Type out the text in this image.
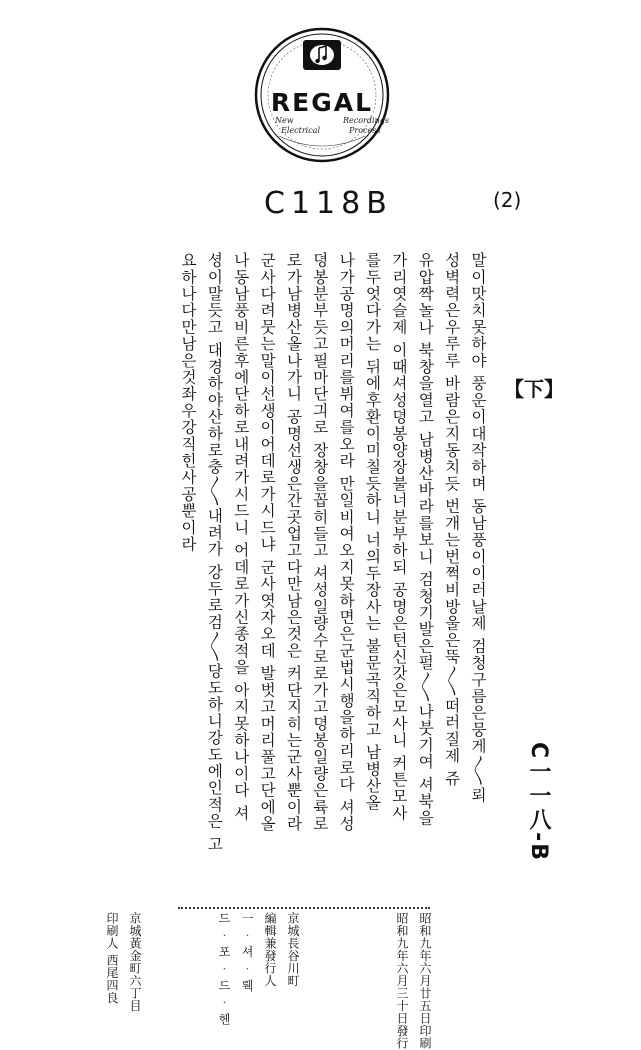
REGAL
New
Electrical
Recordings
Process
C118B	(2)
【下】
C一一八-B
말이맛치못하야 풍운이대작하며 동남풍이이러날제 검청구름은뭉게〳〵뢰
성벽력은우루루 바람은지동치듯 번개는번쩍비방울은뚝〳〵떠러질제 쥬
유압짝놀나 북창을열고 남병산바라를보니 검청기발은펄〳〵나붓기여 셔북을
가리엿슬제 이때셔성뎡봉양장불너분부하되 공명은턴신갓은모사니 커튼모사
를두엇다가는 뒤에후환이미칠듯하니 너의두장사는 불문곡직하고 남병산올
나가공명의머리를뷔여를오라 만일비여오지못하면은군법시행을하리로다 셔성
뎡봉분부듯고필마단긔로 장창을꼽히들고 셔성일량수로로가고뎡봉일량은륙로
로가남병산올나가니 공명선생은간곳업고다만남은것은 커단지히는군사뿐이라
군사다려뭇는말이선생이어데로가시드냐 군사엿자오데 발벗고머리풀고단에올
나동남풍비른후에단하로내려가시드니 어데로가신종적을 아지못하나이다 셔
셩이말듯고 대경하야산하로충〳〵내려가 강두로검〳〵당도하니강도에인적은 고
요하나다만남은것좌우강직힌사공뿐이라
昭和九年六月廿五日印刷
昭和九年六月三十日發行
京城長谷川町
編輯兼發行人
一 ᆞ 셔 ᆞ 뤡
드 ᆞ 포 ᆞ 드 ᆞ 헨
京城黃金町六丁目
印刷人 西尾四良
